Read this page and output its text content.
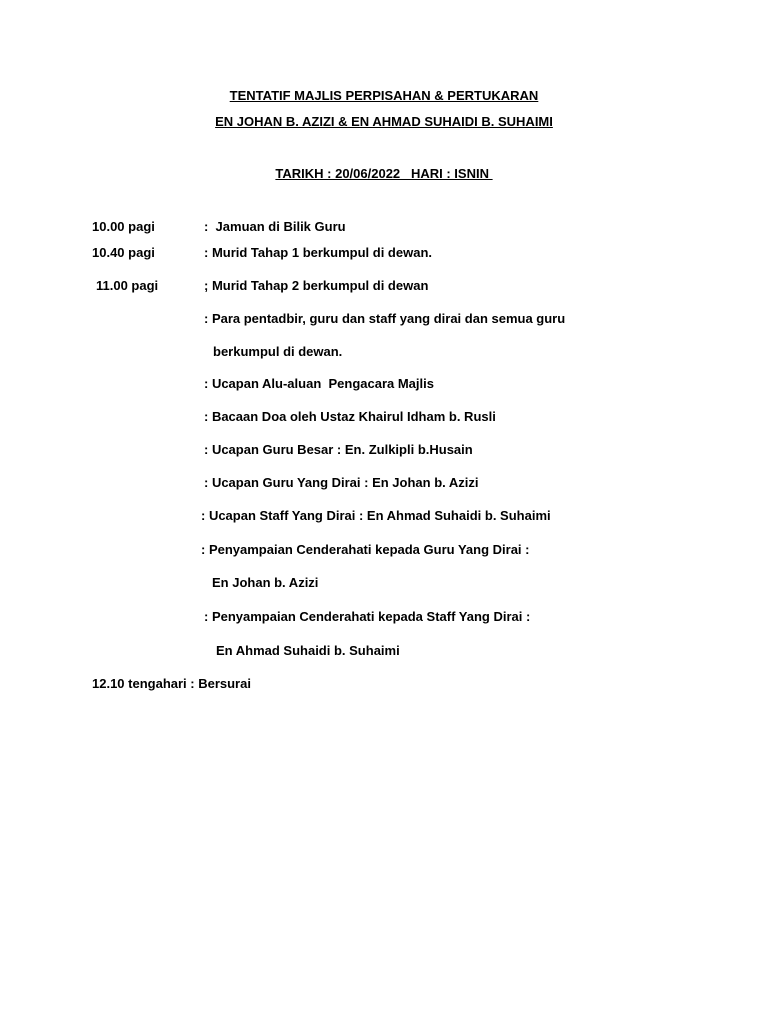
TENTATIF MAJLIS PERPISAHAN & PERTUKARAN
EN JOHAN B. AZIZI & EN AHMAD SUHAIDI B. SUHAIMI
TARIKH : 20/06/2022   HARI : ISNIN
10.00 pagi	:  Jamuan di Bilik Guru
10.40 pagi	: Murid Tahap 1 berkumpul di dewan.
11.00 pagi	; Murid Tahap 2 berkumpul di dewan
: Para pentadbir, guru dan staff yang dirai dan semua guru
berkumpul di dewan.
: Ucapan Alu-aluan  Pengacara Majlis
: Bacaan Doa oleh Ustaz Khairul Idham b. Rusli
: Ucapan Guru Besar : En. Zulkipli b.Husain
: Ucapan Guru Yang Dirai : En Johan b. Azizi
: Ucapan Staff Yang Dirai : En Ahmad Suhaidi b. Suhaimi
: Penyampaian Cenderahati kepada Guru Yang Dirai :
En Johan b. Azizi
: Penyampaian Cenderahati kepada Staff Yang Dirai :
En Ahmad Suhaidi b. Suhaimi
12.10 tengahari : Bersurai
